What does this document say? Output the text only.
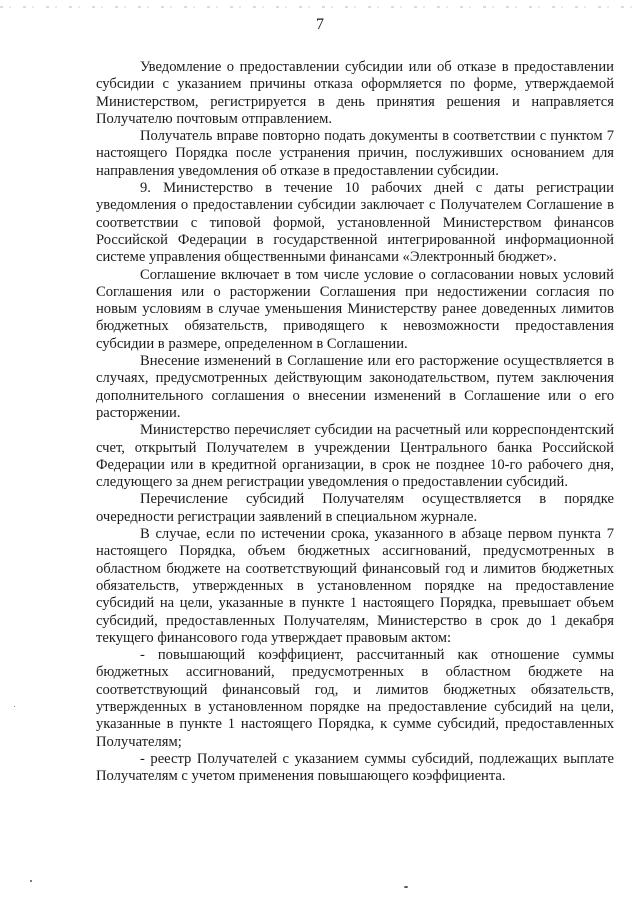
7

Уведомление о предоставлении субсидии или об отказе в предоставлении субсидии с указанием причины отказа оформляется по форме, утверждаемой Министерством, регистрируется в день принятия решения и направляется Получателю почтовым отправлением.

Получатель вправе повторно подать документы в соответствии с пунктом 7 настоящего Порядка после устранения причин, послуживших основанием для направления уведомления об отказе в предоставлении субсидии.

9. Министерство в течение 10 рабочих дней с даты регистрации уведомления о предоставлении субсидии заключает с Получателем Соглашение в соответствии с типовой формой, установленной Министерством финансов Российской Федерации в государственной интегрированной информационной системе управления общественными финансами «Электронный бюджет».

Соглашение включает в том числе условие о согласовании новых условий Соглашения или о расторжении Соглашения при недостижении согласия по новым условиям в случае уменьшения Министерству ранее доведенных лимитов бюджетных обязательств, приводящего к невозможности предоставления субсидии в размере, определенном в Соглашении.

Внесение изменений в Соглашение или его расторжение осуществляется в случаях, предусмотренных действующим законодательством, путем заключения дополнительного соглашения о внесении изменений в Соглашение или о его расторжении.

Министерство перечисляет субсидии на расчетный или корреспондентский счет, открытый Получателем в учреждении Центрального банка Российской Федерации или в кредитной организации, в срок не позднее 10-го рабочего дня, следующего за днем регистрации уведомления о предоставлении субсидий.

Перечисление субсидий Получателям осуществляется в порядке очередности регистрации заявлений в специальном журнале.

В случае, если по истечении срока, указанного в абзаце первом пункта 7 настоящего Порядка, объем бюджетных ассигнований, предусмотренных в областном бюджете на соответствующий финансовый год и лимитов бюджетных обязательств, утвержденных в установленном порядке на предоставление субсидий на цели, указанные в пункте 1 настоящего Порядка, превышает объем субсидий, предоставленных Получателям, Министерство в срок до 1 декабря текущего финансового года утверждает правовым актом:

- повышающий коэффициент, рассчитанный как отношение суммы бюджетных ассигнований, предусмотренных в областном бюджете на соответствующий финансовый год, и лимитов бюджетных обязательств, утвержденных в установленном порядке на предоставление субсидий на цели, указанные в пункте 1 настоящего Порядка, к сумме субсидий, предоставленных Получателям;

- реестр Получателей с указанием суммы субсидий, подлежащих выплате Получателям с учетом применения повышающего коэффициента.
